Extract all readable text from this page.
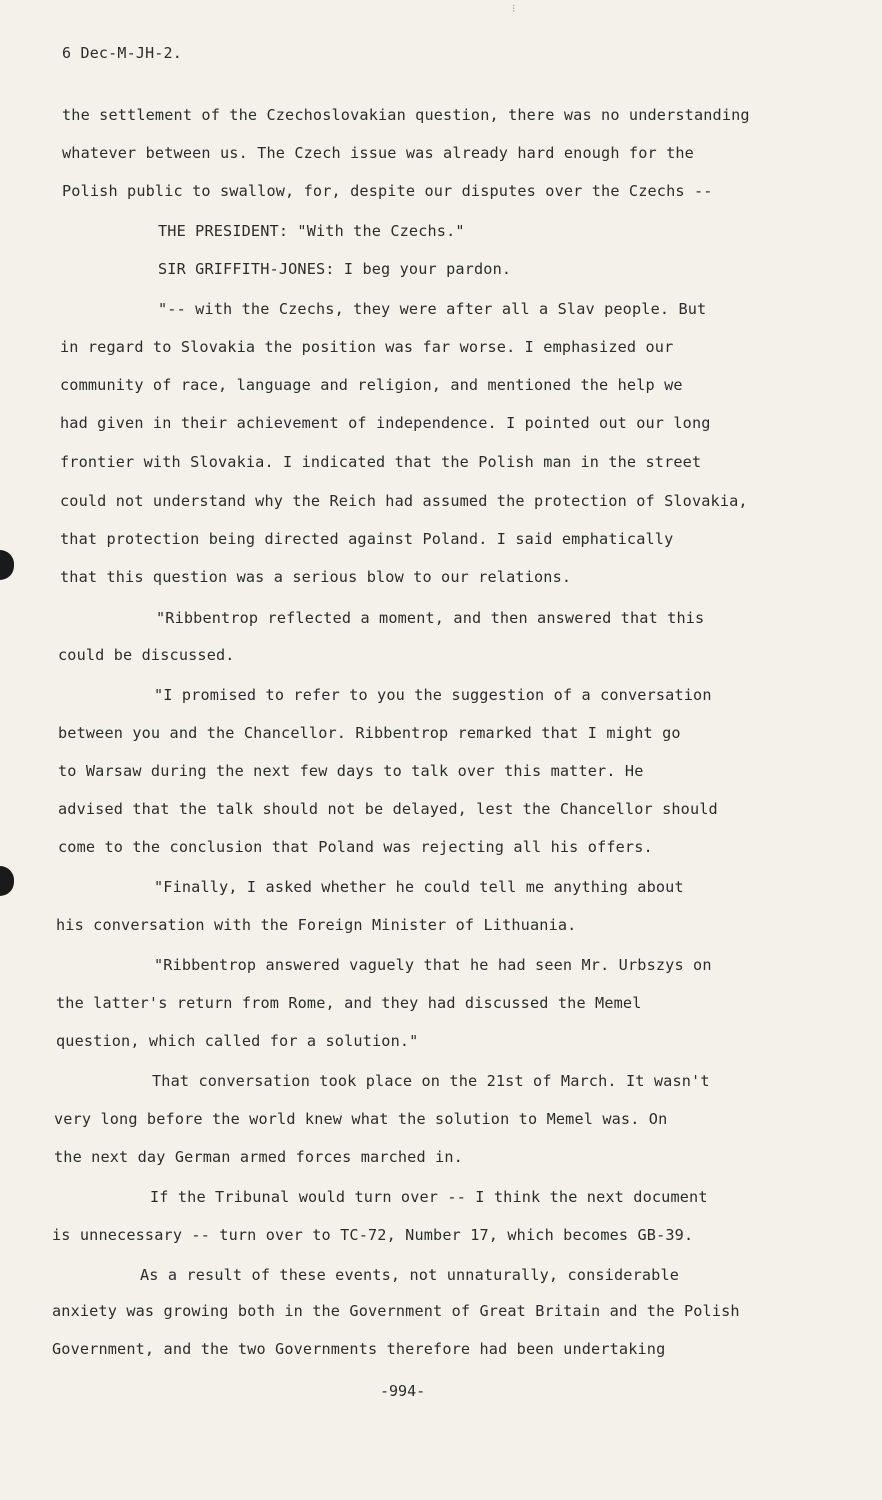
⁝
6 Dec-M-JH-2.
the settlement of the Czechoslovakian question, there was no understanding
whatever between us. The Czech issue was already hard enough for the
Polish public to swallow, for, despite our disputes over the Czechs --
THE PRESIDENT: "With the Czechs."
SIR GRIFFITH-JONES: I beg your pardon.
"-- with the Czechs, they were after all a Slav people. But
in regard to Slovakia the position was far worse. I emphasized our
community of race, language and religion, and mentioned the help we
had given in their achievement of independence. I pointed out our long
frontier with Slovakia. I indicated that the Polish man in the street
could not understand why the Reich had assumed the protection of Slovakia,
that protection being directed against Poland. I said emphatically
that this question was a serious blow to our relations.
"Ribbentrop reflected a moment, and then answered that this
could be discussed.
"I promised to refer to you the suggestion of a conversation
between you and the Chancellor. Ribbentrop remarked that I might go
to Warsaw during the next few days to talk over this matter. He
advised that the talk should not be delayed, lest the Chancellor should
come to the conclusion that Poland was rejecting all his offers.
"Finally, I asked whether he could tell me anything about
his conversation with the Foreign Minister of Lithuania.
"Ribbentrop answered vaguely that he had seen Mr. Urbszys on
the latter's return from Rome, and they had discussed the Memel
question, which called for a solution."
That conversation took place on the 21st of March. It wasn't
very long before the world knew what the solution to Memel was. On
the next day German armed forces marched in.
If the Tribunal would turn over -- I think the next document
is unnecessary -- turn over to TC-72, Number 17, which becomes GB-39.
As a result of these events, not unnaturally, considerable
anxiety was growing both in the Government of Great Britain and the Polish
Government, and the two Governments therefore had been undertaking
-994-
